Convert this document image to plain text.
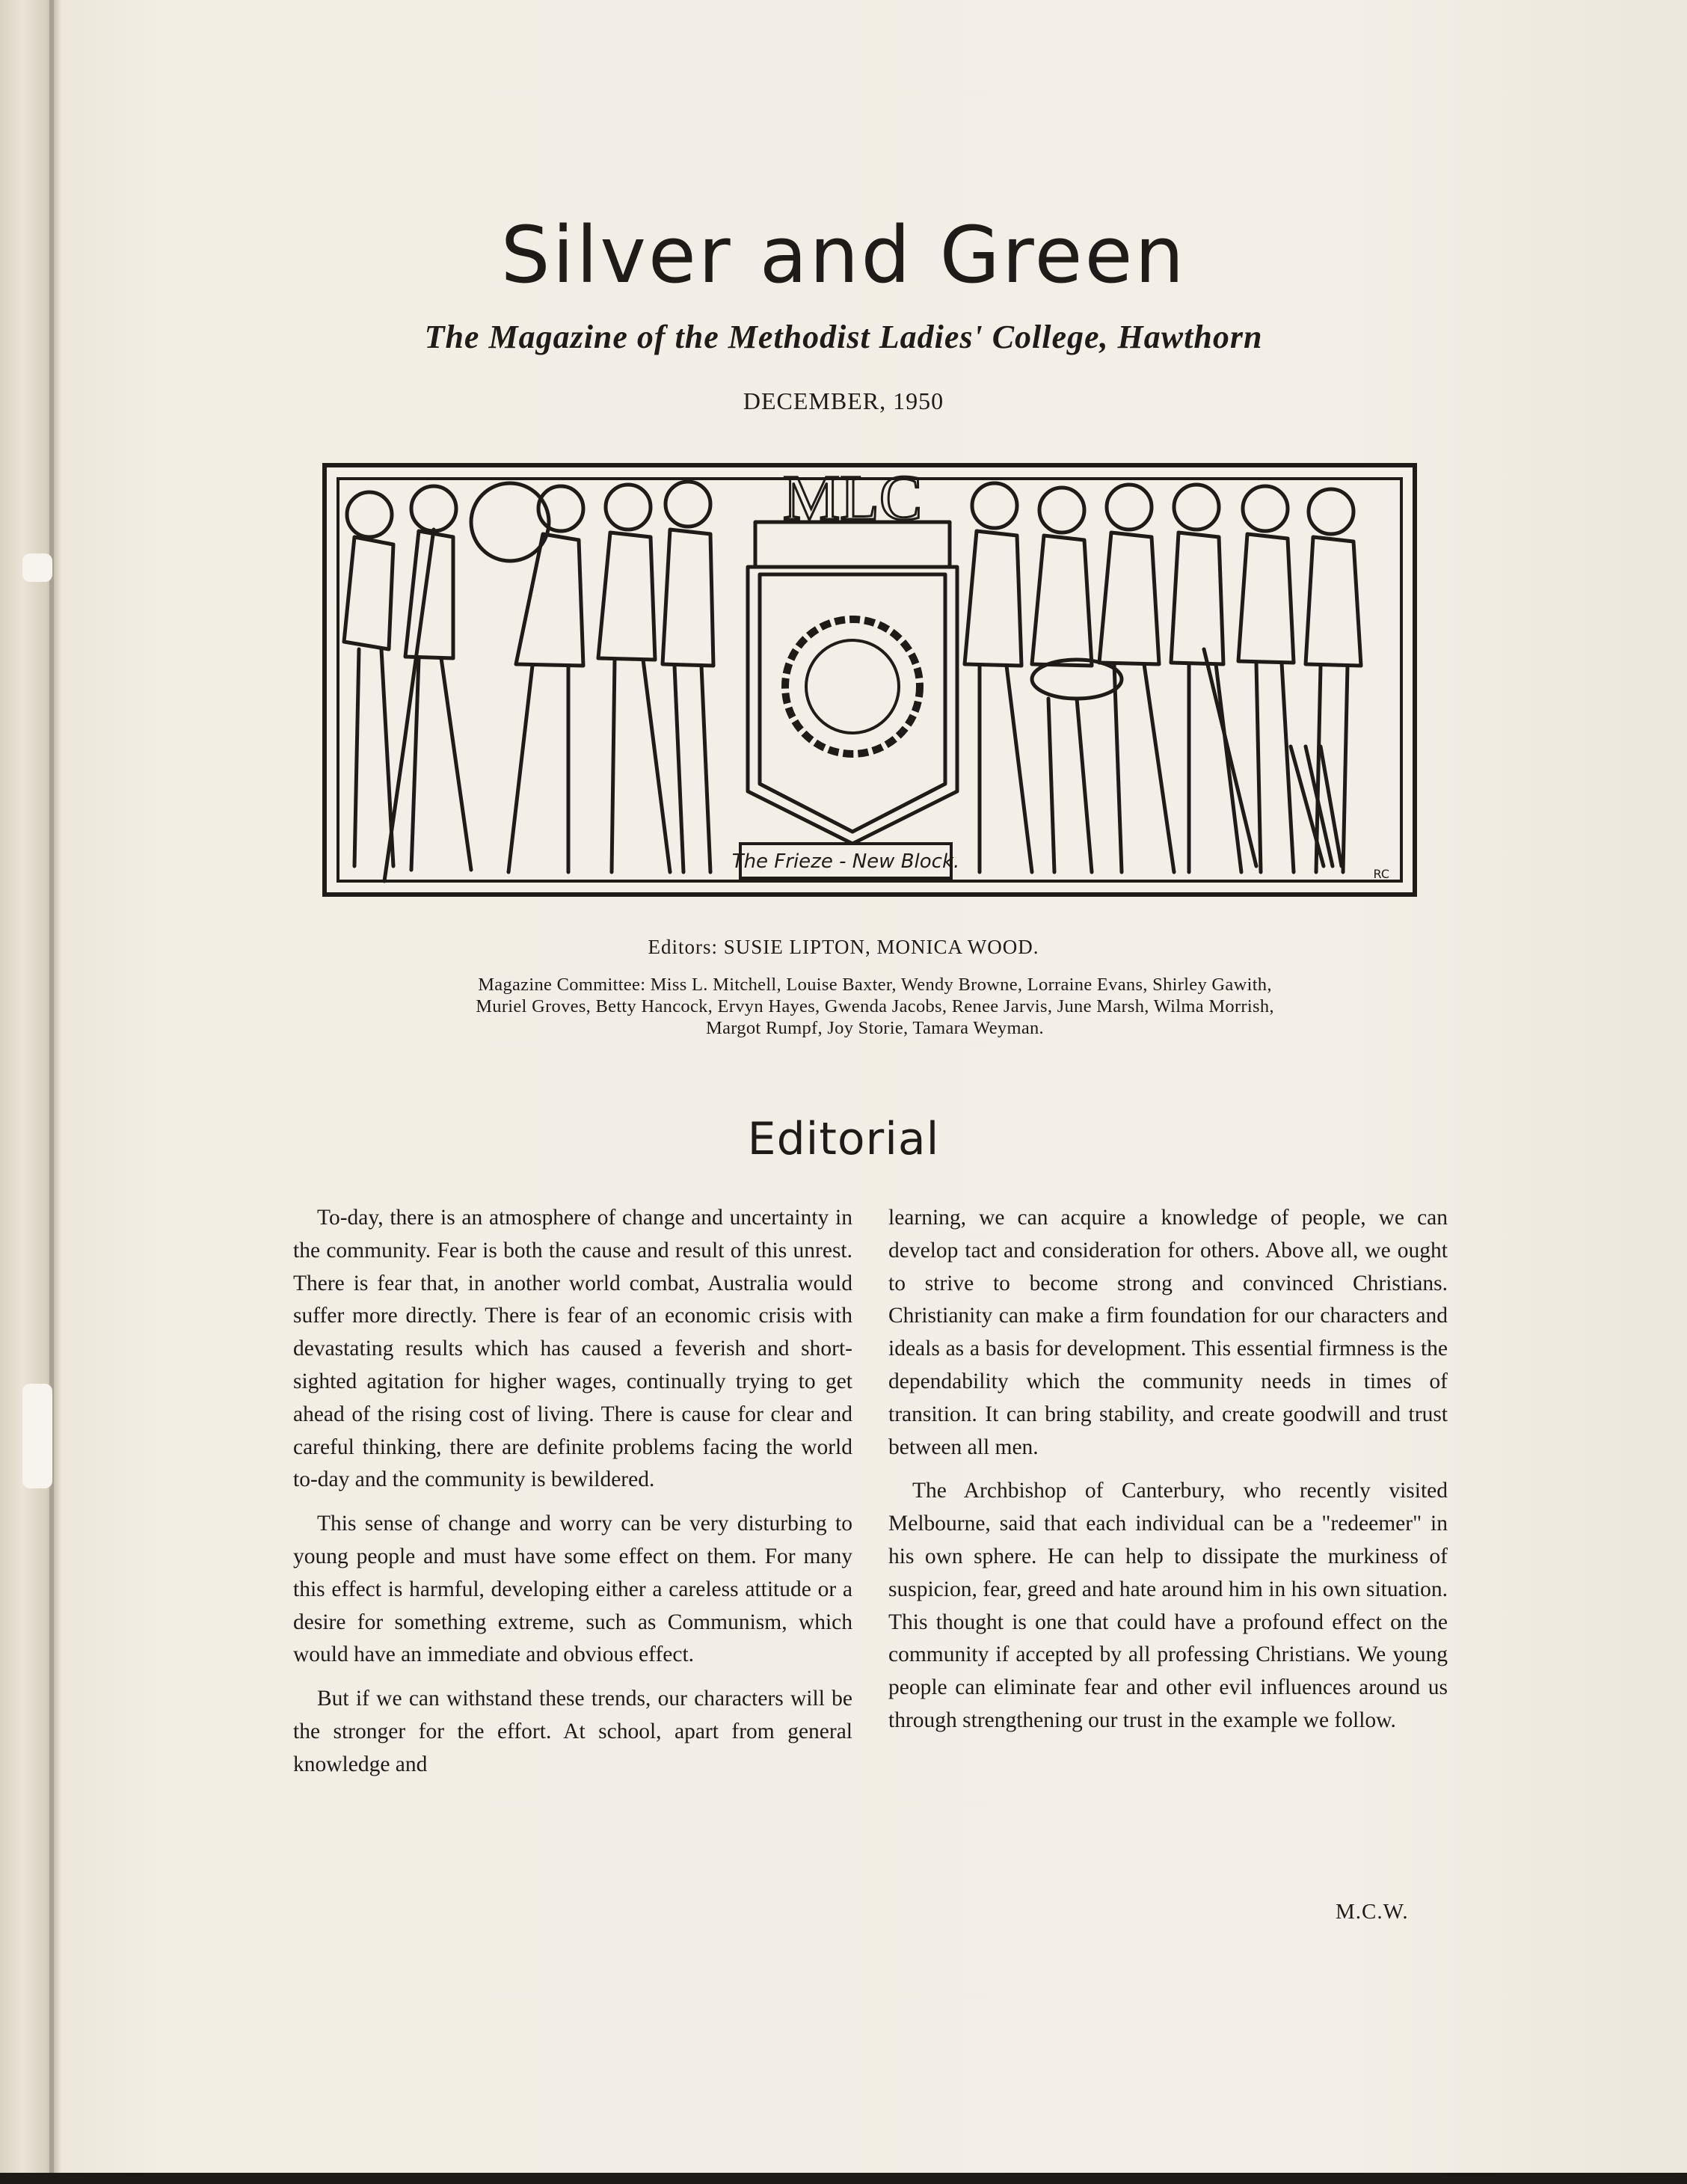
Silver and Green
The Magazine of the Methodist Ladies' College, Hawthorn
DECEMBER, 1950
MLC
The Frieze - New Block.
RC
Editors: SUSIE LIPTON, MONICA WOOD.
Magazine Committee: Miss L. Mitchell, Louise Baxter, Wendy Browne, Lorraine Evans, Shirley Gawith,
Muriel Groves, Betty Hancock, Ervyn Hayes, Gwenda Jacobs, Renee Jarvis, June Marsh, Wilma Morrish,
Margot Rumpf, Joy Storie, Tamara Weyman.
Editorial

To-day, there is an atmosphere of change and uncertainty in the community. Fear is both the cause and result of this unrest. There is fear that, in another world combat, Australia would suffer more directly. There is fear of an economic crisis with devastating results which has caused a feverish and short-sighted agitation for higher wages, continually trying to get ahead of the rising cost of living. There is cause for clear and careful thinking, there are definite problems facing the world to-day and the community is bewildered.

This sense of change and worry can be very disturbing to young people and must have some effect on them. For many this effect is harmful, developing either a careless attitude or a desire for something extreme, such as Communism, which would have an immediate and obvious effect.

But if we can withstand these trends, our characters will be the stronger for the effort. At school, apart from general knowledge and

learning, we can acquire a knowledge of people, we can develop tact and consideration for others. Above all, we ought to strive to become strong and convinced Christians. Christianity can make a firm foundation for our characters and ideals as a basis for development. This essential firmness is the dependability which the community needs in times of transition. It can bring stability, and create goodwill and trust between all men.

The Archbishop of Canterbury, who recently visited Melbourne, said that each individual can be a "redeemer" in his own sphere. He can help to dissipate the murkiness of suspicion, fear, greed and hate around him in his own situation. This thought is one that could have a profound effect on the community if accepted by all professing Christians. We young people can eliminate fear and other evil influences around us through strengthening our trust in the example we follow.

M.C.W.
